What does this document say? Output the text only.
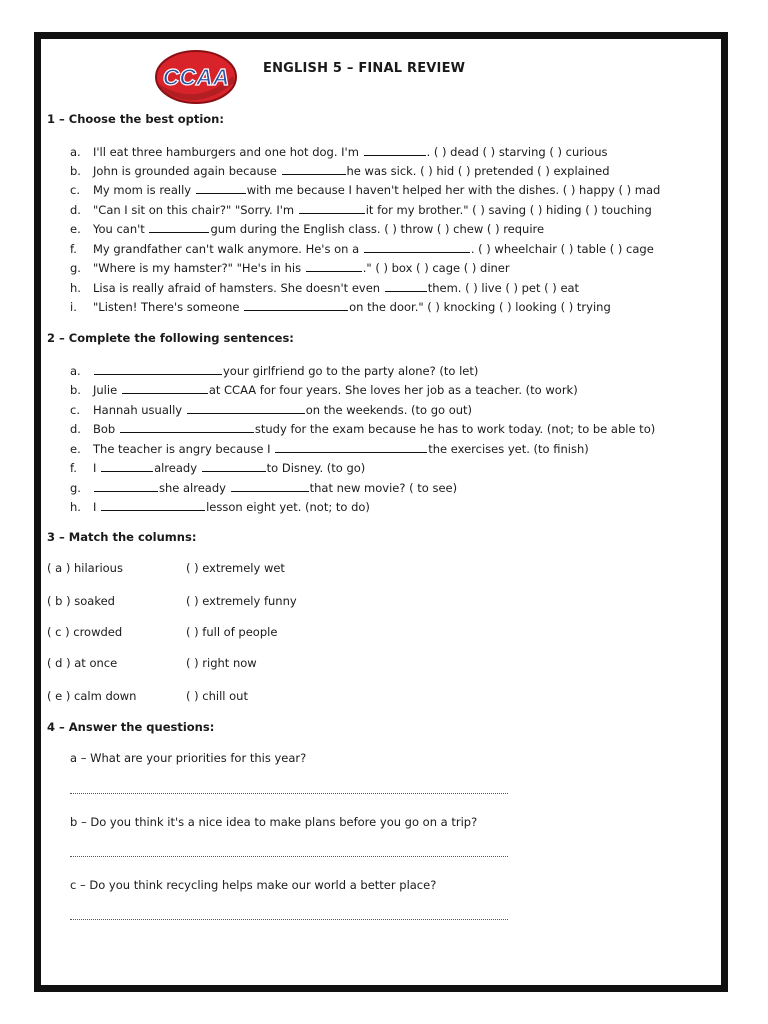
CCAA	ENGLISH 5 – FINAL REVIEW
1 – Choose the best option:
a. I'll eat three hamburgers and one hot dog. I'm	. ( ) dead ( ) starving ( ) curious
b. John is grounded again because	he was sick. ( ) hid ( ) pretended ( ) explained
c. My mom is really	with me because I haven't helped her with the dishes. ( ) happy ( ) mad
d. "Can I sit on this chair?" "Sorry. I'm	it for my brother." ( ) saving ( ) hiding ( ) touching
e. You can't	gum during the English class. ( ) throw ( ) chew ( ) require
f. My grandfather can't walk anymore. He's on a	. ( ) wheelchair ( ) table ( ) cage
g. "Where is my hamster?" "He's in his	." ( ) box ( ) cage ( ) diner
h. Lisa is really afraid of hamsters. She doesn't even	them. ( ) live ( ) pet ( ) eat
i. "Listen! There's someone	on the door." ( ) knocking ( ) looking ( ) trying
2 – Complete the following sentences:
a.	your girlfriend go to the party alone? (to let)
b. Julie	at CCAA for four years. She loves her job as a teacher. (to work)
c. Hannah usually	on the weekends. (to go out)
d. Bob	study for the exam because he has to work today. (not; to be able to)
e. The teacher is angry because I	the exercises yet. (to finish)
f. I	already	to Disney. (to go)
g.	she already	that new movie? ( to see)
h. I	lesson eight yet. (not; to do)
3 – Match the columns:
( a ) hilarious	( ) extremely wet
( b ) soaked	( ) extremely funny
( c ) crowded	( ) full of people
( d ) at once	( ) right now
( e ) calm down	( ) chill out
4 – Answer the questions:
a – What are your priorities for this year?
b – Do you think it's a nice idea to make plans before you go on a trip?
c – Do you think recycling helps make our world a better place?
